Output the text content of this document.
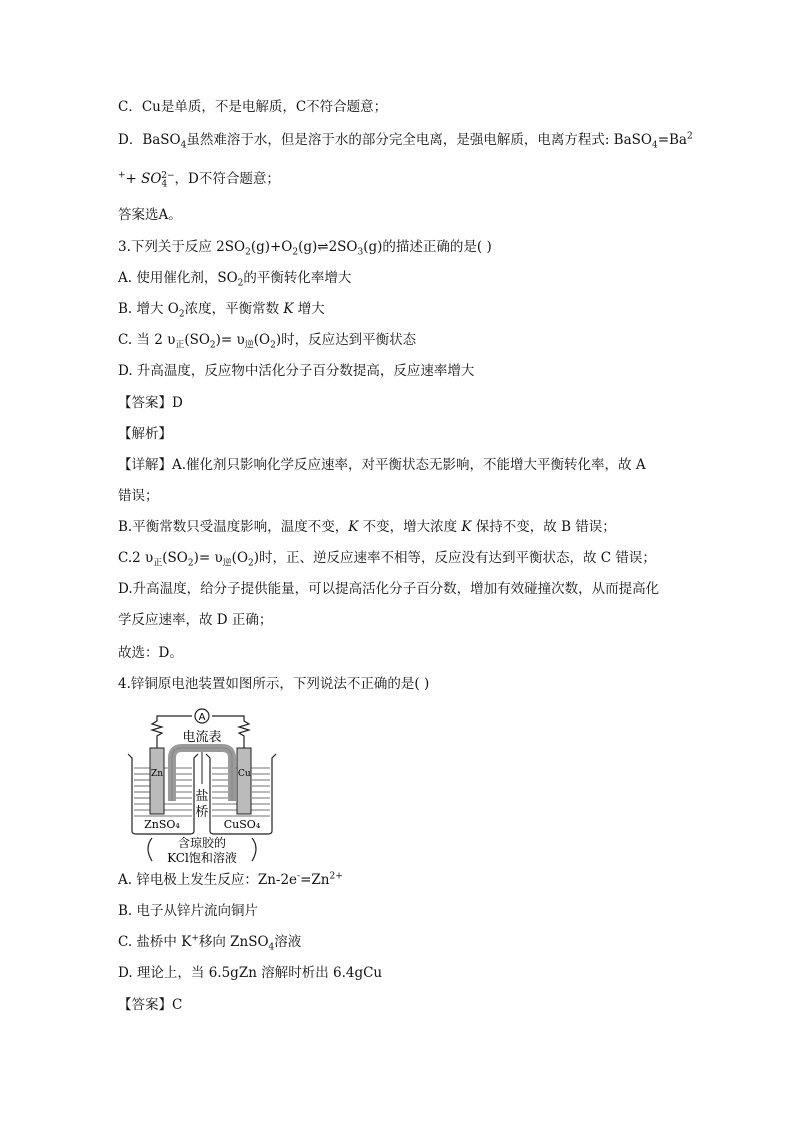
C．Cu是单质，不是电解质，C不符合题意；
D．BaSO$_4$虽然难溶于水，但是溶于水的部分完全电离，是强电解质，电离方程式: $BaSO_4=Ba^2$
$^++ SO_4^{2-}$，D不符合题意；
答案选A。
3.下列关于反应 $2SO_2(g)+O_2(g)\rightleftharpoons 2SO_3(g)$的描述正确的是( )
A. 使用催化剂，$SO_2$的平衡转化率增大
B. 增大 $O_2$浓度，平衡常数 K 增大
C. 当 2 $\upsilon_正(SO_2)= \upsilon_逆(O_2)$时，反应达到平衡状态
D. 升高温度，反应物中活化分子百分数提高，反应速率增大
【答案】D
【解析】
【详解】A.催化剂只影响化学反应速率，对平衡状态无影响，不能增大平衡转化率，故 A
错误；
B.平衡常数只受温度影响，温度不变，K 不变，增大浓度 K 保持不变，故 B 错误；
C.2 $\upsilon_正(SO_2)= \upsilon_逆(O_2)$时，正、逆反应速率不相等，反应没有达到平衡状态，故 C 错误；
D.升高温度，给分子提供能量，可以提高活化分子百分数，增加有效碰撞次数，从而提高化
学反应速率，故 D 正确；
故选：D。
4.锌铜原电池装置如图所示，下列说法不正确的是( )
A
电流表
Zn	Cu
盐
桥
ZnSO₄	CuSO₄
含琼胶的
KCl饱和溶液
A. 锌电极上发生反应：$Zn-2e^-=Zn^{2+}$
B. 电子从锌片流向铜片
C. 盐桥中 K+移向 ZnSO$_4$溶液
D. 理论上，当 6.5gZn 溶解时析出 6.4gCu
【答案】C
